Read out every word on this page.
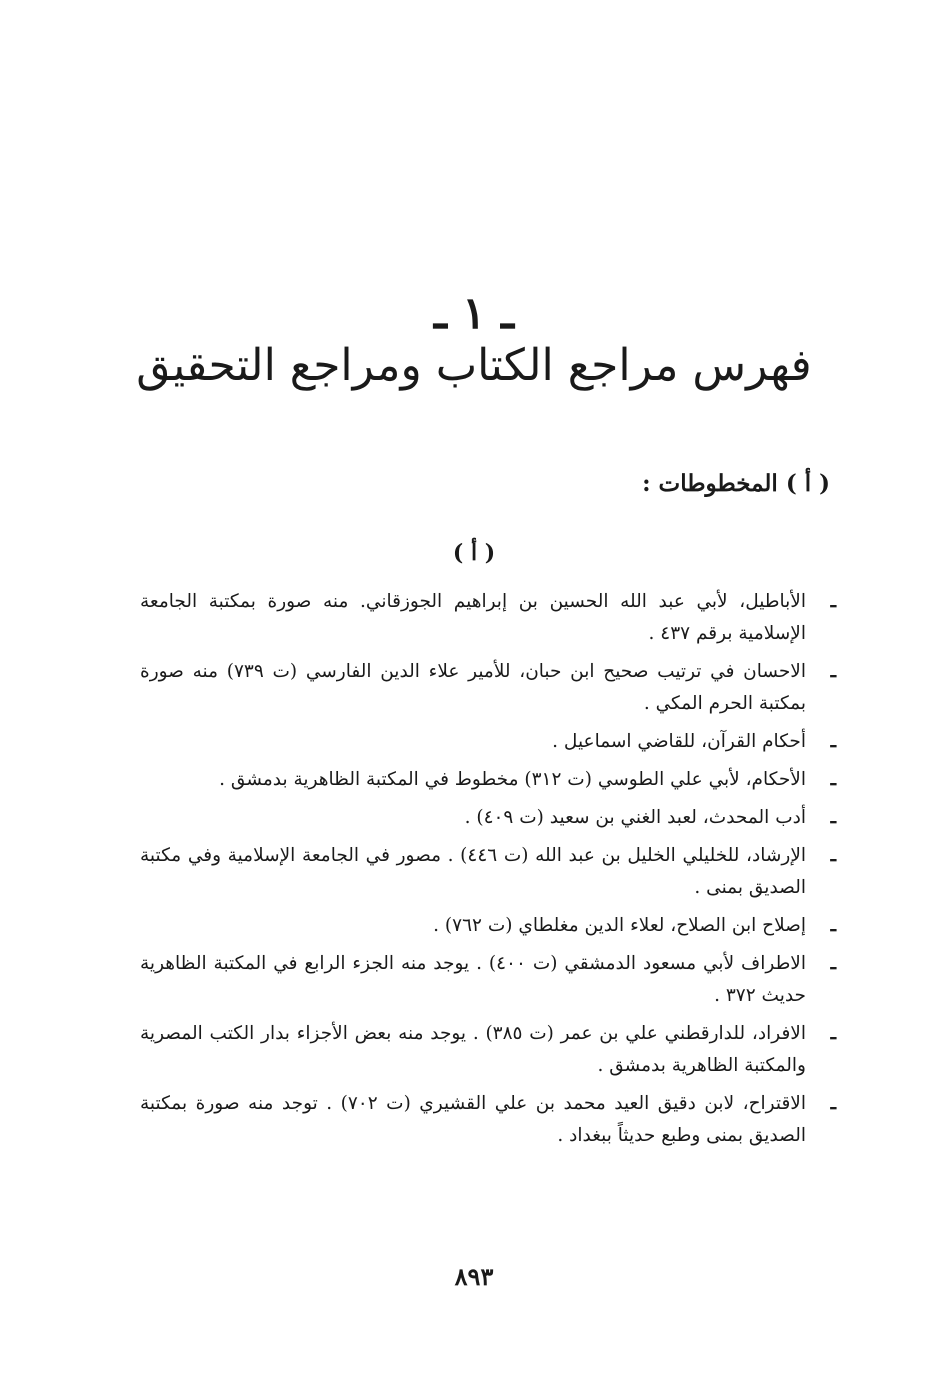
ـ ١ ـ
فهرس مراجع الكتاب ومراجع التحقيق
( أ ) المخطوطات :
( أ )
ـ
الأباطيل، لأبي عبد الله الحسين بن إبراهيم الجوزقاني. منه صورة بمكتبة الجامعة الإسلامية برقم ٤٣٧ .
ـ
الاحسان في ترتيب صحيح ابن حبان، للأمير علاء الدين الفارسي (ت ٧٣٩) منه صورة بمكتبة الحرم المكي .
ـ
أحكام القرآن، للقاضي اسماعيل .
ـ
الأحكام، لأبي علي الطوسي (ت ٣١٢) مخطوط في المكتبة الظاهرية بدمشق .
ـ
أدب المحدث، لعبد الغني بن سعيد (ت ٤٠٩) .
ـ
الإرشاد، للخليلي الخليل بن عبد الله (ت ٤٤٦) . مصور في الجامعة الإسلامية وفي مكتبة الصديق بمنى .
ـ
إصلاح ابن الصلاح، لعلاء الدين مغلطاي (ت ٧٦٢) .
ـ
الاطراف لأبي مسعود الدمشقي (ت ٤٠٠) . يوجد منه الجزء الرابع في المكتبة الظاهرية حديث ٣٧٢ .
ـ
الافراد، للدارقطني علي بن عمر (ت ٣٨٥) . يوجد منه بعض الأجزاء بدار الكتب المصرية والمكتبة الظاهرية بدمشق .
ـ
الاقتراح، لابن دقيق العيد محمد بن علي القشيري (ت ٧٠٢) . توجد منه صورة بمكتبة الصديق بمنى وطبع حديثاً ببغداد .
٨٩٣
